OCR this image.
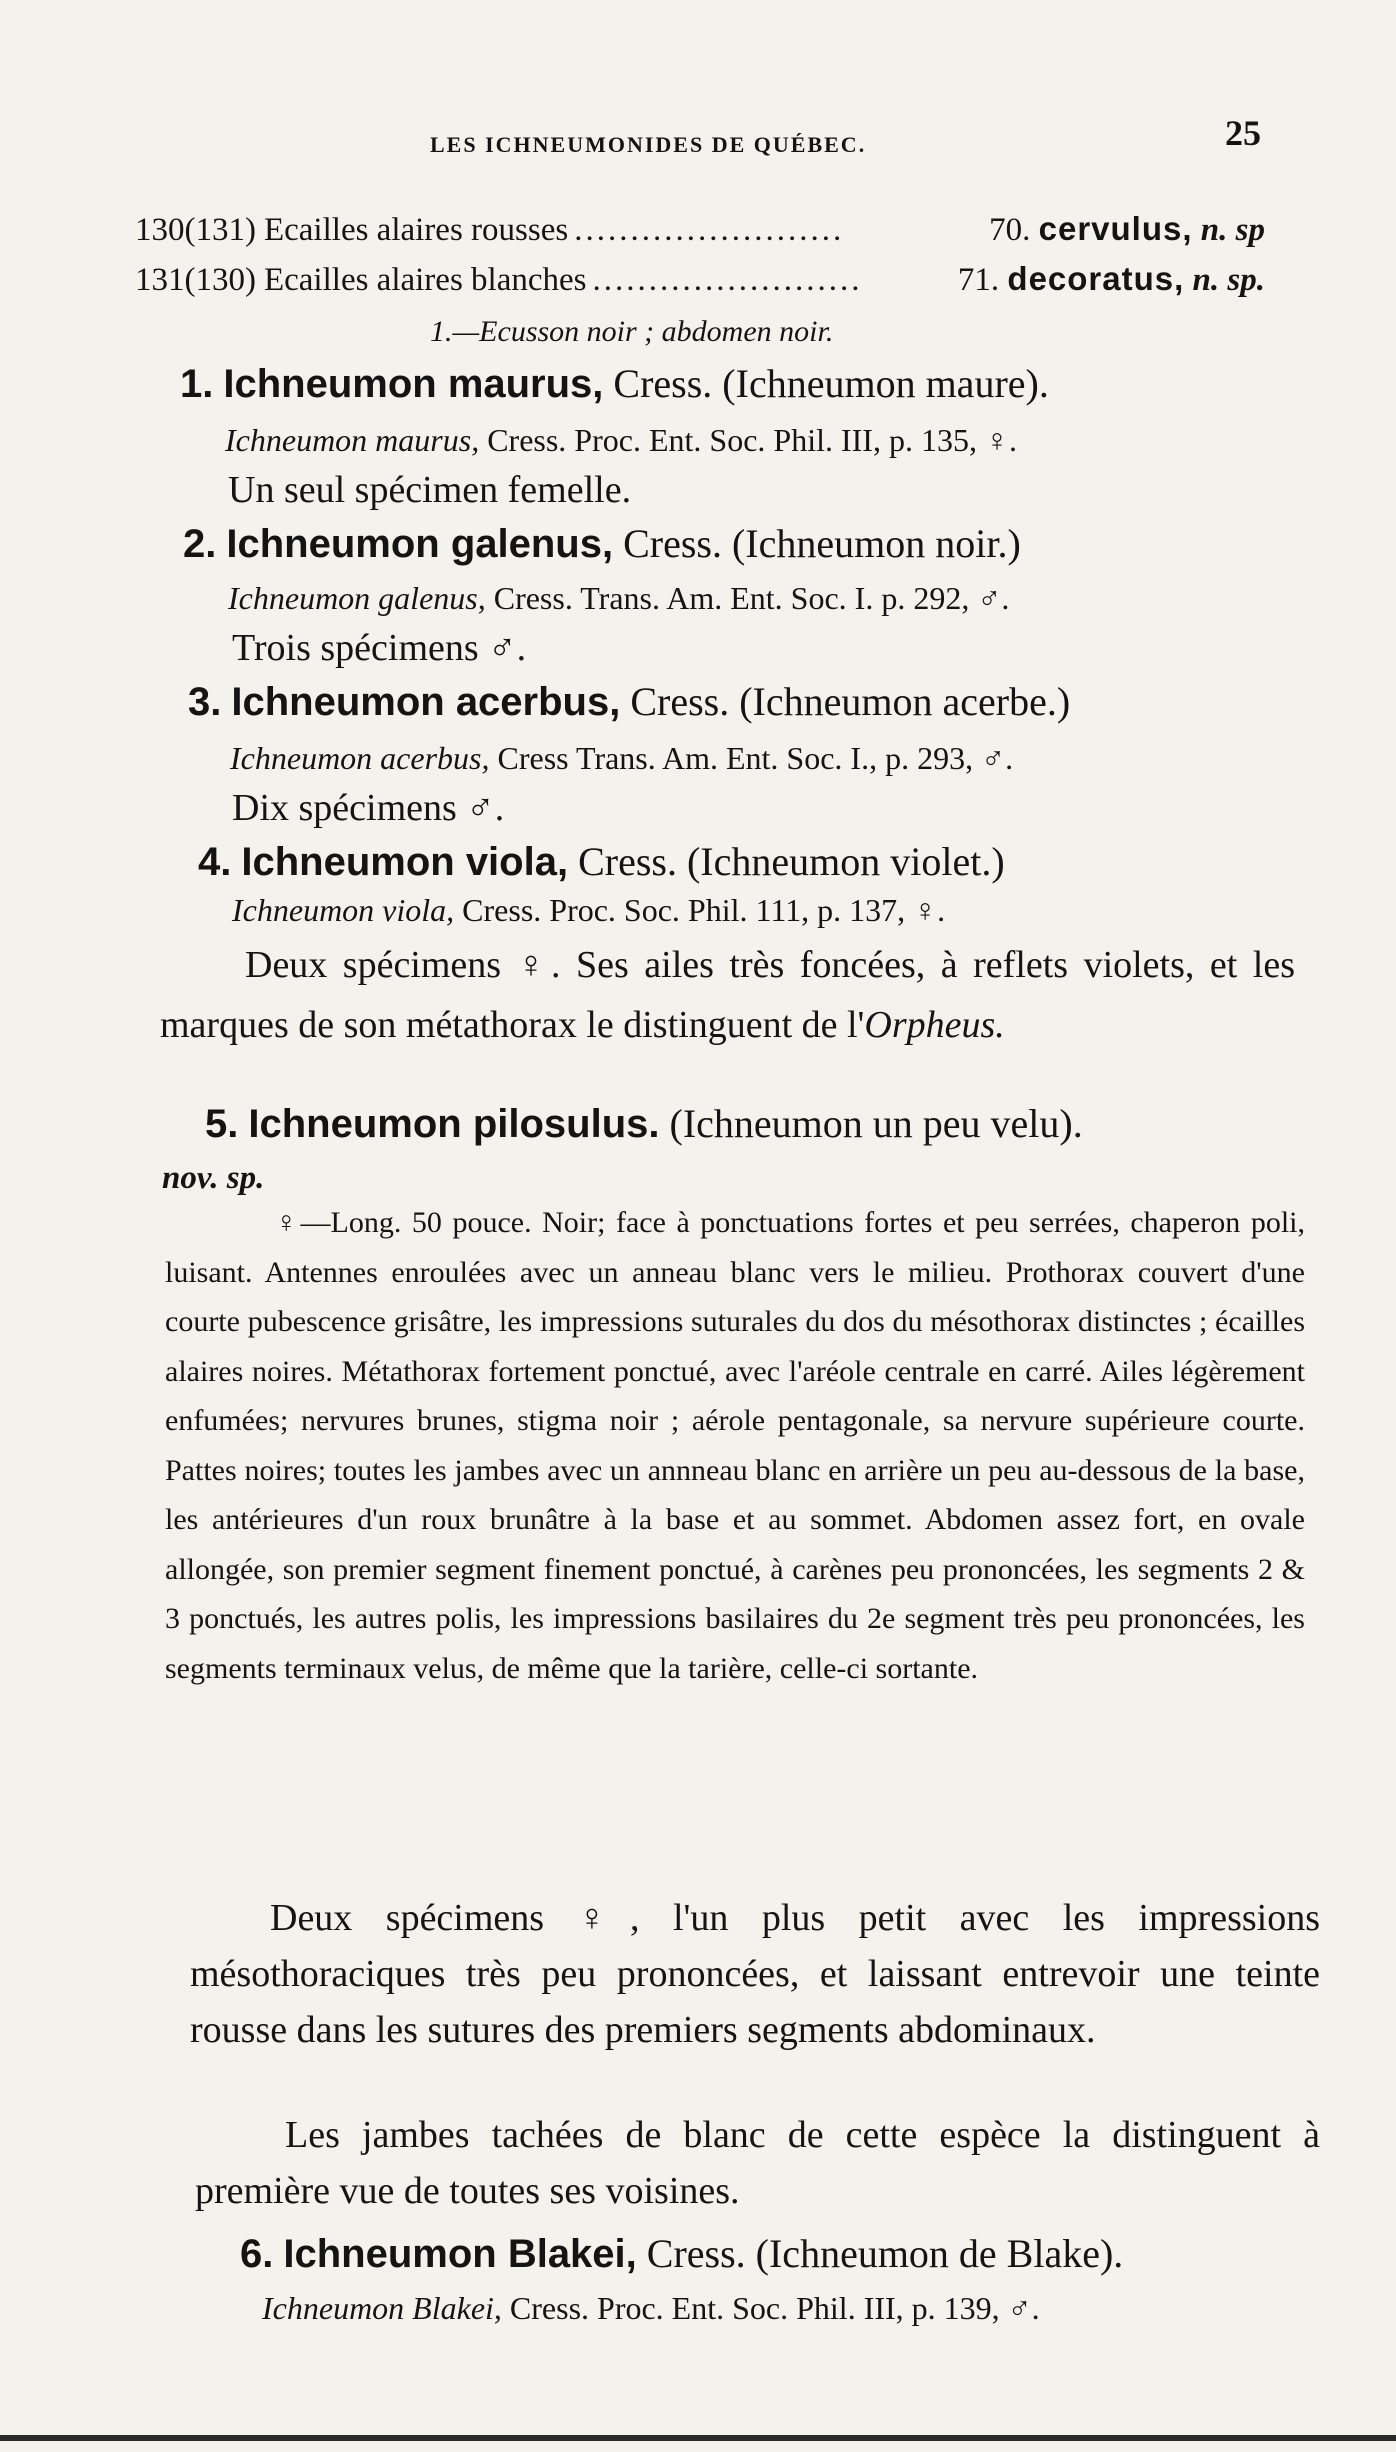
LES ICHNEUMONIDES DE QUÉBEC.	25
130(131) Ecailles alaires rousses ........................	70. cervulus, n. sp
131(130) Ecailles alaires blanches ........................	71. decoratus, n. sp.
1.—Ecusson noir ; abdomen noir.
1. Ichneumon maurus, Cress. (Ichneumon maure).
Ichneumon maurus, Cress. Proc. Ent. Soc. Phil. III, p. 135, ♀.
Un seul spécimen femelle.
2. Ichneumon galenus, Cress. (Ichneumon noir.)
Ichneumon galenus, Cress. Trans. Am. Ent. Soc. I. p. 292, ♂.
Trois spécimens ♂.
3. Ichneumon acerbus, Cress. (Ichneumon acerbe.)
Ichneumon acerbus, Cress Trans. Am. Ent. Soc. I., p. 293, ♂.
Dix spécimens ♂.
4. Ichneumon viola, Cress. (Ichneumon violet.)
Ichneumon viola, Cress. Proc. Soc. Phil. 111, p. 137, ♀.
Deux spécimens ♀. Ses ailes très foncées, à reflets violets, et les marques de son métathorax le distinguent de l'Orpheus.
5. Ichneumon pilosulus. (Ichneumon un peu velu).
nov. sp.
♀—Long. 50 pouce. Noir; face à ponctuations fortes et peu serrées, chaperon poli, luisant. Antennes enroulées avec un anneau blanc vers le milieu. Prothorax couvert d'une courte pubescence grisâtre, les impressions suturales du dos du mésothorax distinctes ; écailles alaires noires. Métathorax fortement ponctué, avec l'aréole centrale en carré. Ailes légèrement enfumées; nervures brunes, stigma noir ; aérole pentagonale, sa nervure supérieure courte. Pattes noires; toutes les jambes avec un annneau blanc en arrière un peu au-dessous de la base, les antérieures d'un roux brunâtre à la base et au sommet. Abdomen assez fort, en ovale allongée, son premier segment finement ponctué, à carènes peu prononcées, les segments 2 & 3 ponctués, les autres polis, les impressions basilaires du 2e segment très peu prononcées, les segments terminaux velus, de même que la tarière, celle-ci sortante.
Deux spécimens ♀, l'un plus petit avec les impressions mésothoraciques très peu prononcées, et laissant entrevoir une teinte rousse dans les sutures des premiers segments abdominaux.
Les jambes tachées de blanc de cette espèce la distinguent à première vue de toutes ses voisines.
6. Ichneumon Blakei, Cress. (Ichneumon de Blake).
Ichneumon Blakei, Cress. Proc. Ent. Soc. Phil. III, p. 139, ♂.
